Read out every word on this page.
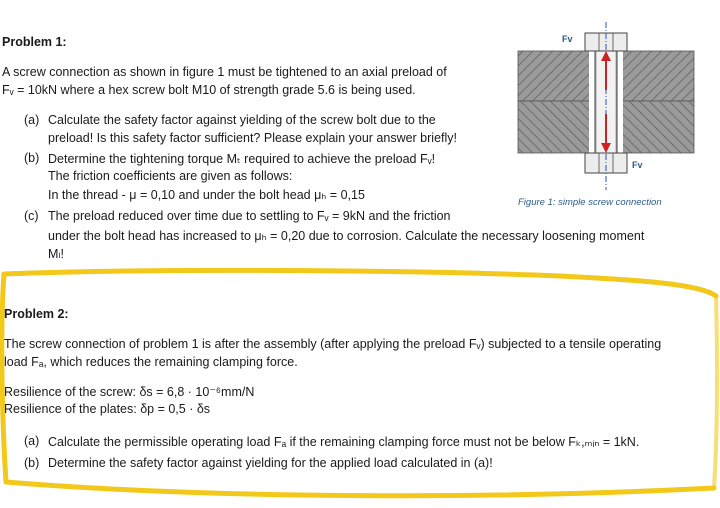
Problem 1:
A screw connection as shown in figure 1 must be tightened to an axial preload of
Fᵥ = 10kN where a hex screw bolt M10 of strength grade 5.6 is being used.
(a) Calculate the safety factor against yielding of the screw bolt due to the
preload! Is this safety factor sufficient? Please explain your answer briefly!
(b) Determine the tightening torque Mₜ required to achieve the preload Fᵥ!
The friction coefficients are given as follows:
In the thread - μ = 0,10 and under the bolt head μₕ = 0,15
(c) The preload reduced over time due to settling to Fᵥ = 9kN and the friction
under the bolt head has increased to μₕ = 0,20 due to corrosion. Calculate the necessary loosening moment
Mₗ!
Fv
Fv
Figure 1: simple screw connection
Problem 2:
The screw connection of problem 1 is after the assembly (after applying the preload Fᵥ) subjected to a tensile operating
load Fₐ, which reduces the remaining clamping force.
Resilience of the screw: δs = 6,8 · 10⁻⁶mm/N
Resilience of the plates: δp = 0,5 · δs
(a) Calculate the permissible operating load Fₐ if the remaining clamping force must not be below Fₖ,ₘᵢₙ = 1kN.
(b) Determine the safety factor against yielding for the applied load calculated in (a)!
